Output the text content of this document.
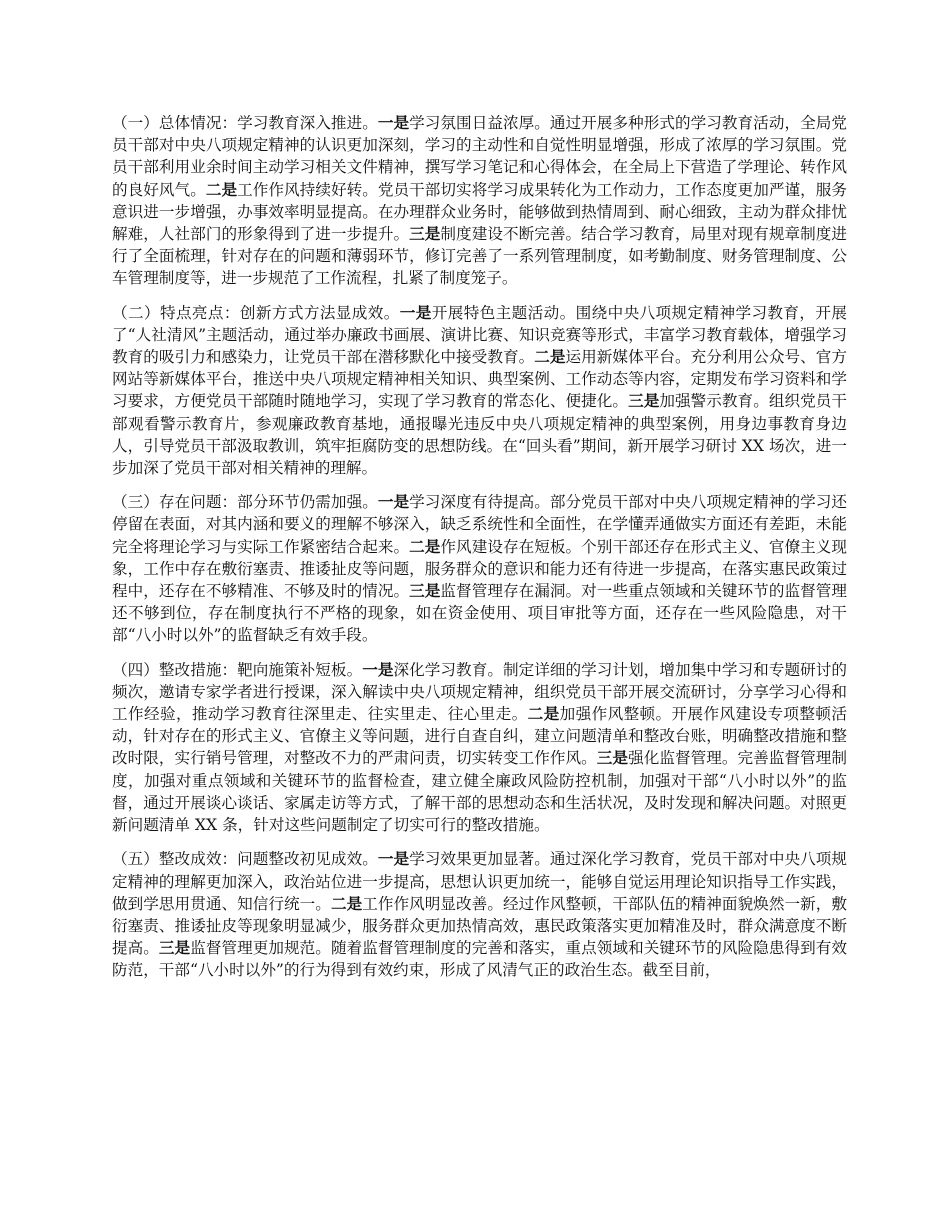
（一）总体情况：学习教育深入推进。一是学习氛围日益浓厚。通过开展多种形式的学习教育活动，全局党员干部对中央八项规定精神的认识更加深刻，学习的主动性和自觉性明显增强，形成了浓厚的学习氛围。党员干部利用业余时间主动学习相关文件精神，撰写学习笔记和心得体会，在全局上下营造了学理论、转作风的良好风气。二是工作作风持续好转。党员干部切实将学习成果转化为工作动力，工作态度更加严谨，服务意识进一步增强，办事效率明显提高。在办理群众业务时，能够做到热情周到、耐心细致，主动为群众排忧解难，人社部门的形象得到了进一步提升。三是制度建设不断完善。结合学习教育，局里对现有规章制度进行了全面梳理，针对存在的问题和薄弱环节，修订完善了一系列管理制度，如考勤制度、财务管理制度、公车管理制度等，进一步规范了工作流程，扎紧了制度笼子。

（二）特点亮点：创新方式方法显成效。一是开展特色主题活动。围绕中央八项规定精神学习教育，开展了“人社清风”主题活动，通过举办廉政书画展、演讲比赛、知识竞赛等形式，丰富学习教育载体，增强学习教育的吸引力和感染力，让党员干部在潜移默化中接受教育。二是运用新媒体平台。充分利用公众号、官方网站等新媒体平台，推送中央八项规定精神相关知识、典型案例、工作动态等内容，定期发布学习资料和学习要求，方便党员干部随时随地学习，实现了学习教育的常态化、便捷化。三是加强警示教育。组织党员干部观看警示教育片，参观廉政教育基地，通报曝光违反中央八项规定精神的典型案例，用身边事教育身边人，引导党员干部汲取教训，筑牢拒腐防变的思想防线。在“回头看”期间，新开展学习研讨 XX 场次，进一步加深了党员干部对相关精神的理解。

（三）存在问题：部分环节仍需加强。一是学习深度有待提高。部分党员干部对中央八项规定精神的学习还停留在表面，对其内涵和要义的理解不够深入，缺乏系统性和全面性，在学懂弄通做实方面还有差距，未能完全将理论学习与实际工作紧密结合起来。二是作风建设存在短板。个别干部还存在形式主义、官僚主义现象，工作中存在敷衍塞责、推诿扯皮等问题，服务群众的意识和能力还有待进一步提高，在落实惠民政策过程中，还存在不够精准、不够及时的情况。三是监督管理存在漏洞。对一些重点领域和关键环节的监督管理还不够到位，存在制度执行不严格的现象，如在资金使用、项目审批等方面，还存在一些风险隐患，对干部“八小时以外”的监督缺乏有效手段。

（四）整改措施：靶向施策补短板。一是深化学习教育。制定详细的学习计划，增加集中学习和专题研讨的频次，邀请专家学者进行授课，深入解读中央八项规定精神，组织党员干部开展交流研讨，分享学习心得和工作经验，推动学习教育往深里走、往实里走、往心里走。二是加强作风整顿。开展作风建设专项整顿活动，针对存在的形式主义、官僚主义等问题，进行自查自纠，建立问题清单和整改台账，明确整改措施和整改时限，实行销号管理，对整改不力的严肃问责，切实转变工作作风。三是强化监督管理。完善监督管理制度，加强对重点领域和关键环节的监督检查，建立健全廉政风险防控机制，加强对干部“八小时以外”的监督，通过开展谈心谈话、家属走访等方式，了解干部的思想动态和生活状况，及时发现和解决问题。对照更新问题清单 XX 条，针对这些问题制定了切实可行的整改措施。

（五）整改成效：问题整改初见成效。一是学习效果更加显著。通过深化学习教育，党员干部对中央八项规定精神的理解更加深入，政治站位进一步提高，思想认识更加统一，能够自觉运用理论知识指导工作实践，做到学思用贯通、知信行统一。二是工作作风明显改善。经过作风整顿，干部队伍的精神面貌焕然一新，敷衍塞责、推诿扯皮等现象明显减少，服务群众更加热情高效，惠民政策落实更加精准及时，群众满意度不断提高。三是监督管理更加规范。随着监督管理制度的完善和落实，重点领域和关键环节的风险隐患得到有效防范，干部“八小时以外”的行为得到有效约束，形成了风清气正的政治生态。截至目前，
